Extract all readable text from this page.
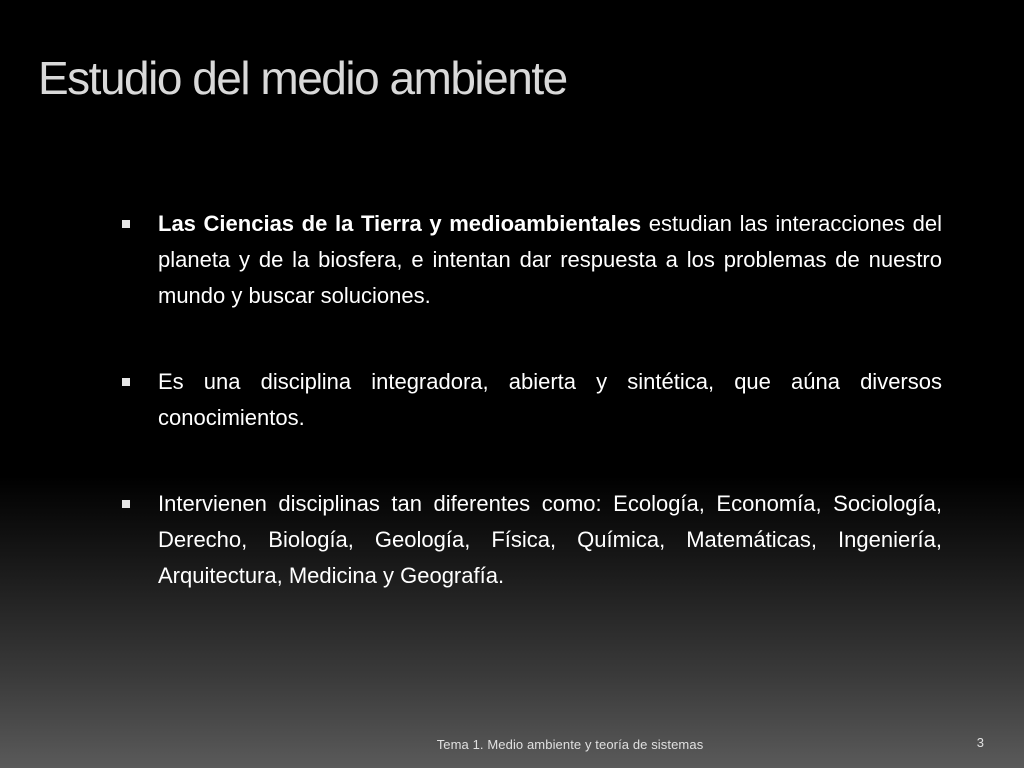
Estudio del medio ambiente
Las Ciencias de la Tierra y medioambientales estudian las interacciones del planeta y de la biosfera, e intentan dar respuesta a los problemas de nuestro mundo y buscar soluciones.
Es una disciplina integradora, abierta y sintética, que aúna diversos conocimientos.
Intervienen disciplinas tan diferentes como: Ecología, Economía, Sociología, Derecho, Biología, Geología, Física, Química, Matemáticas, Ingeniería, Arquitectura, Medicina y Geografía.
Tema 1. Medio ambiente y teoría de sistemas	3
